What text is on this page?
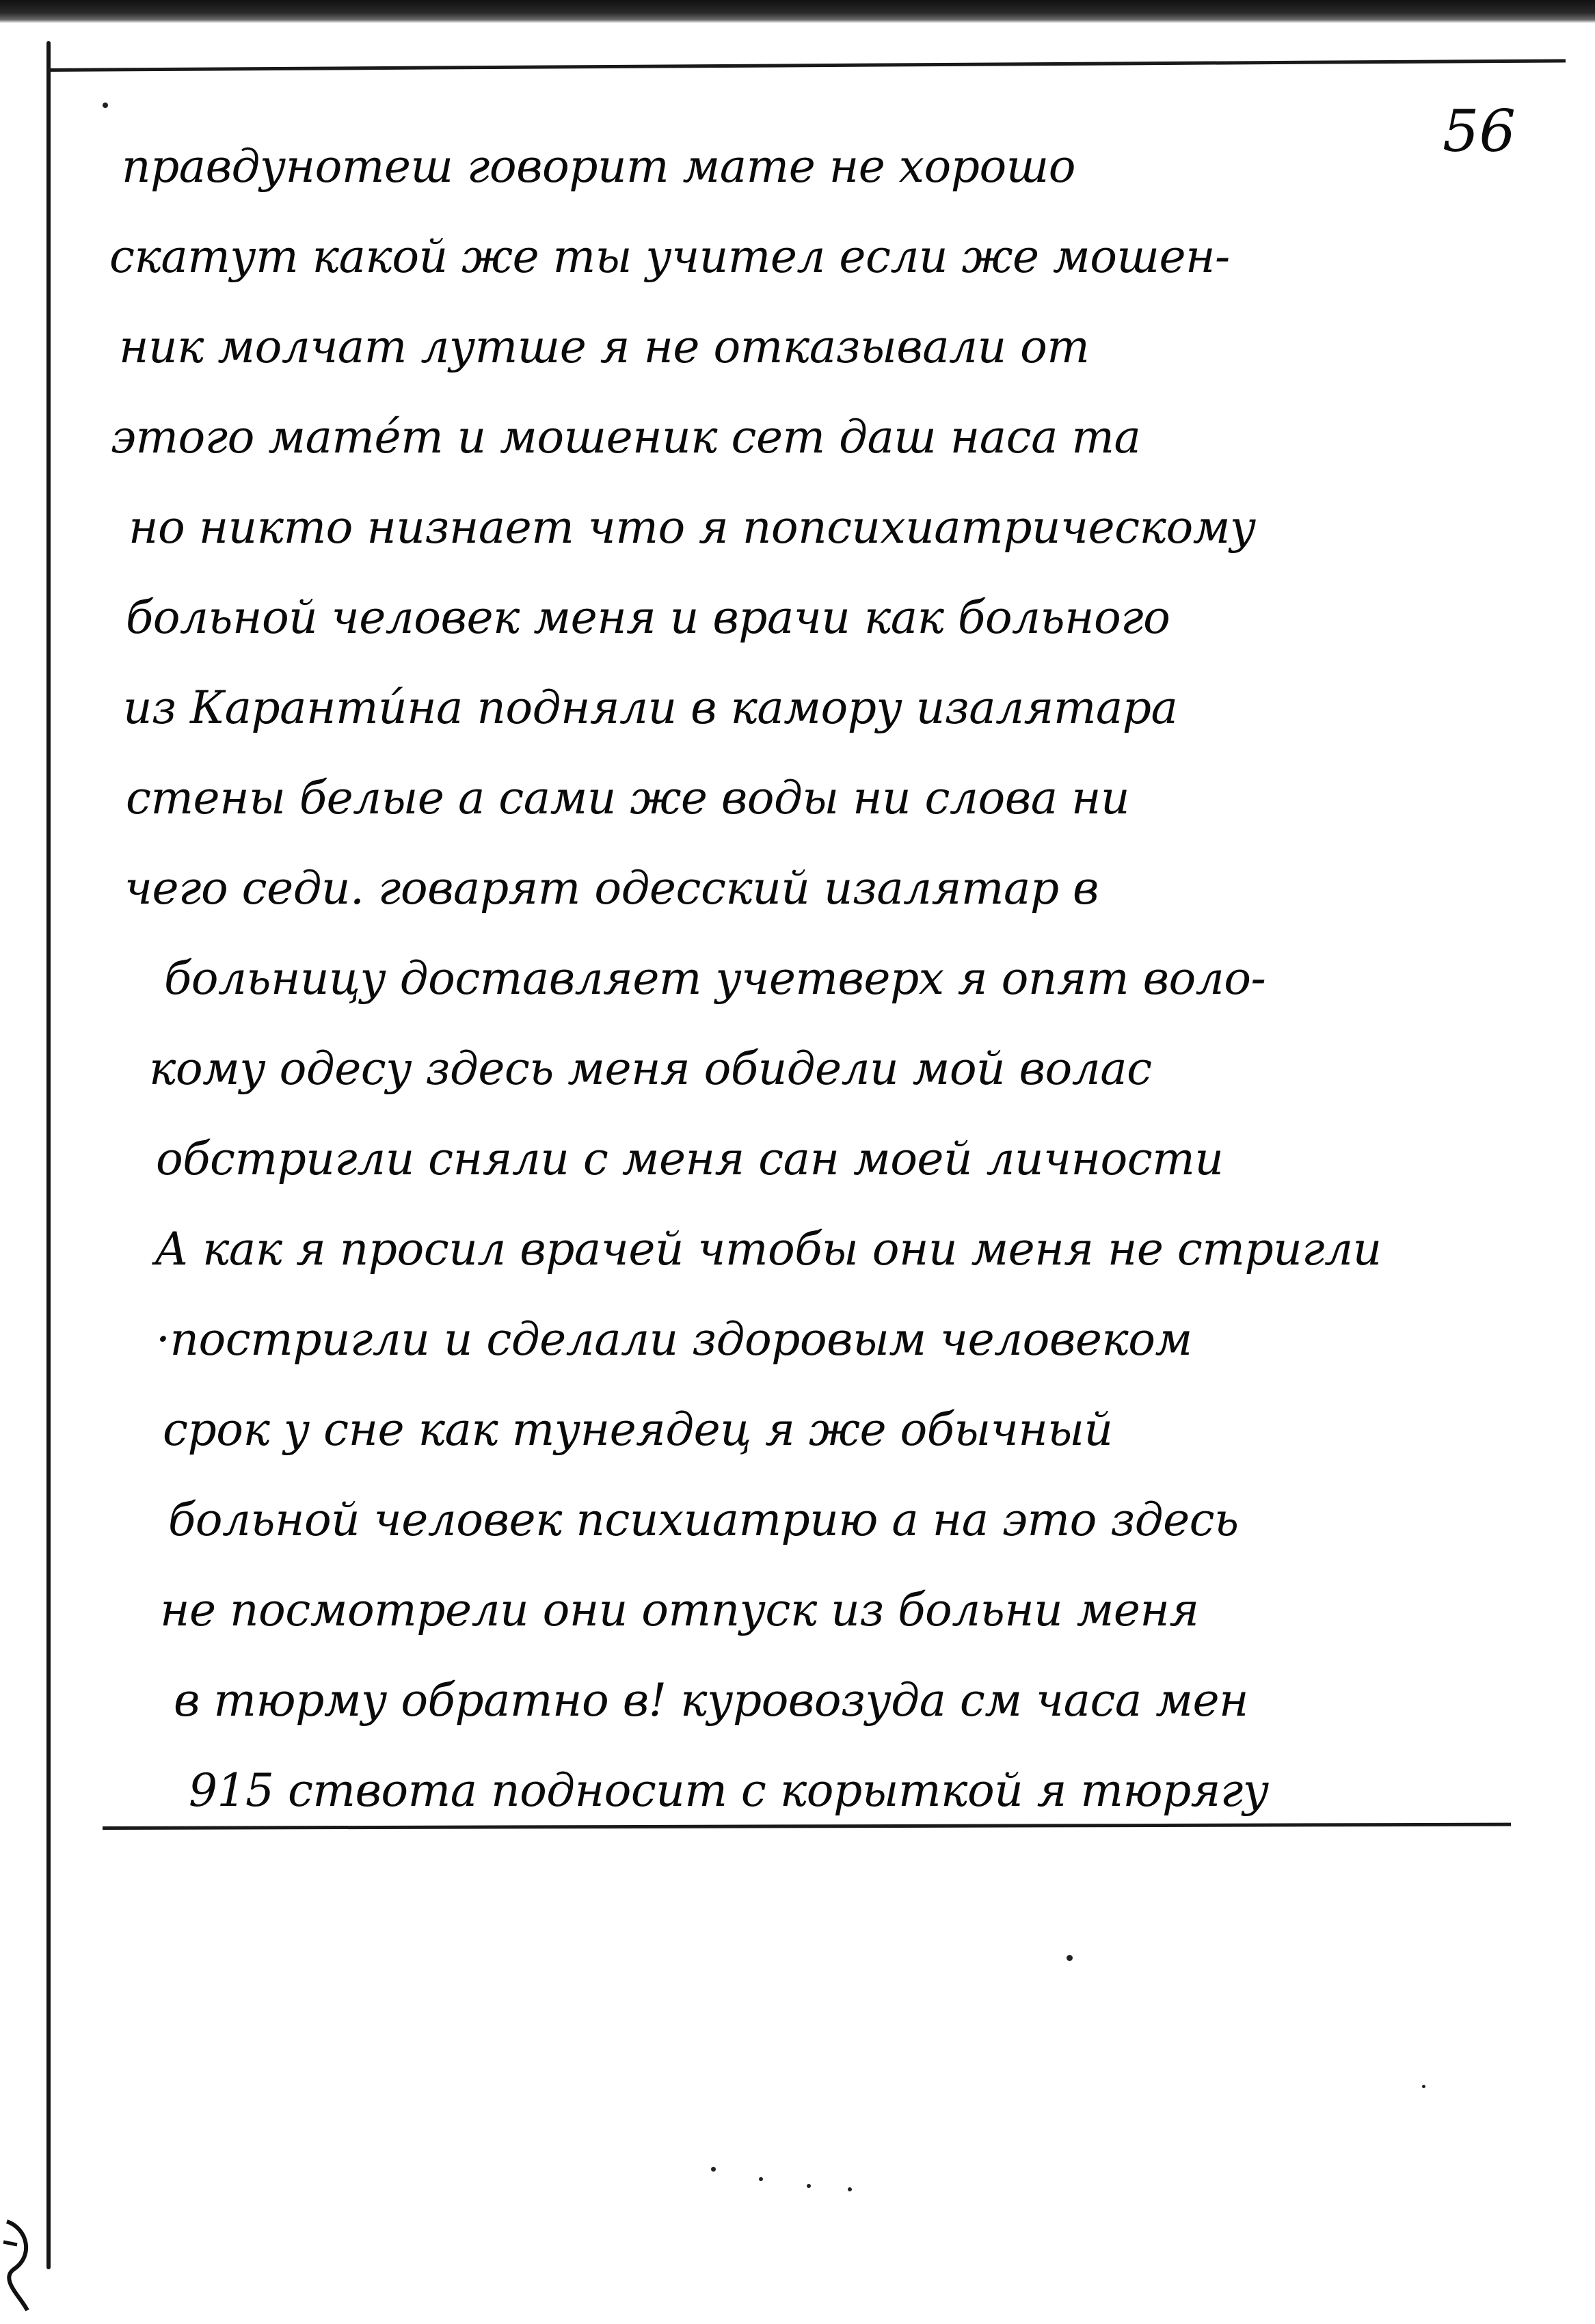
56
правдунотеш говорит мате не хорошо
скатут какой же ты учител если же мошен-
ник молчат лутше я не отказывали от
этого мате́т и мошеник сет даш наса та
но никто низнает что я попсихиатрическому
больной человек меня и врачи как больного
из Каранти́на подняли в камору изалятара
стены белые а сами же воды ни слова ни
чего седи. говарят одесский изалятар в
больницу доставляет учетверх я опят воло-
кому одесу здесь меня обидели мой волас
обстригли сняли с меня сан моей личности
А как я просил врачей чтобы они меня не стригли
·постригли и сделали здоровым человеком
срок у сне как тунеядец я же обычный
больной человек психиатрию а на это здесь
не посмотрели они отпуск из больни меня
в тюрму обратно в! куровозуда см часа мен
915 ствота подносит с корыткой я тюрягу
